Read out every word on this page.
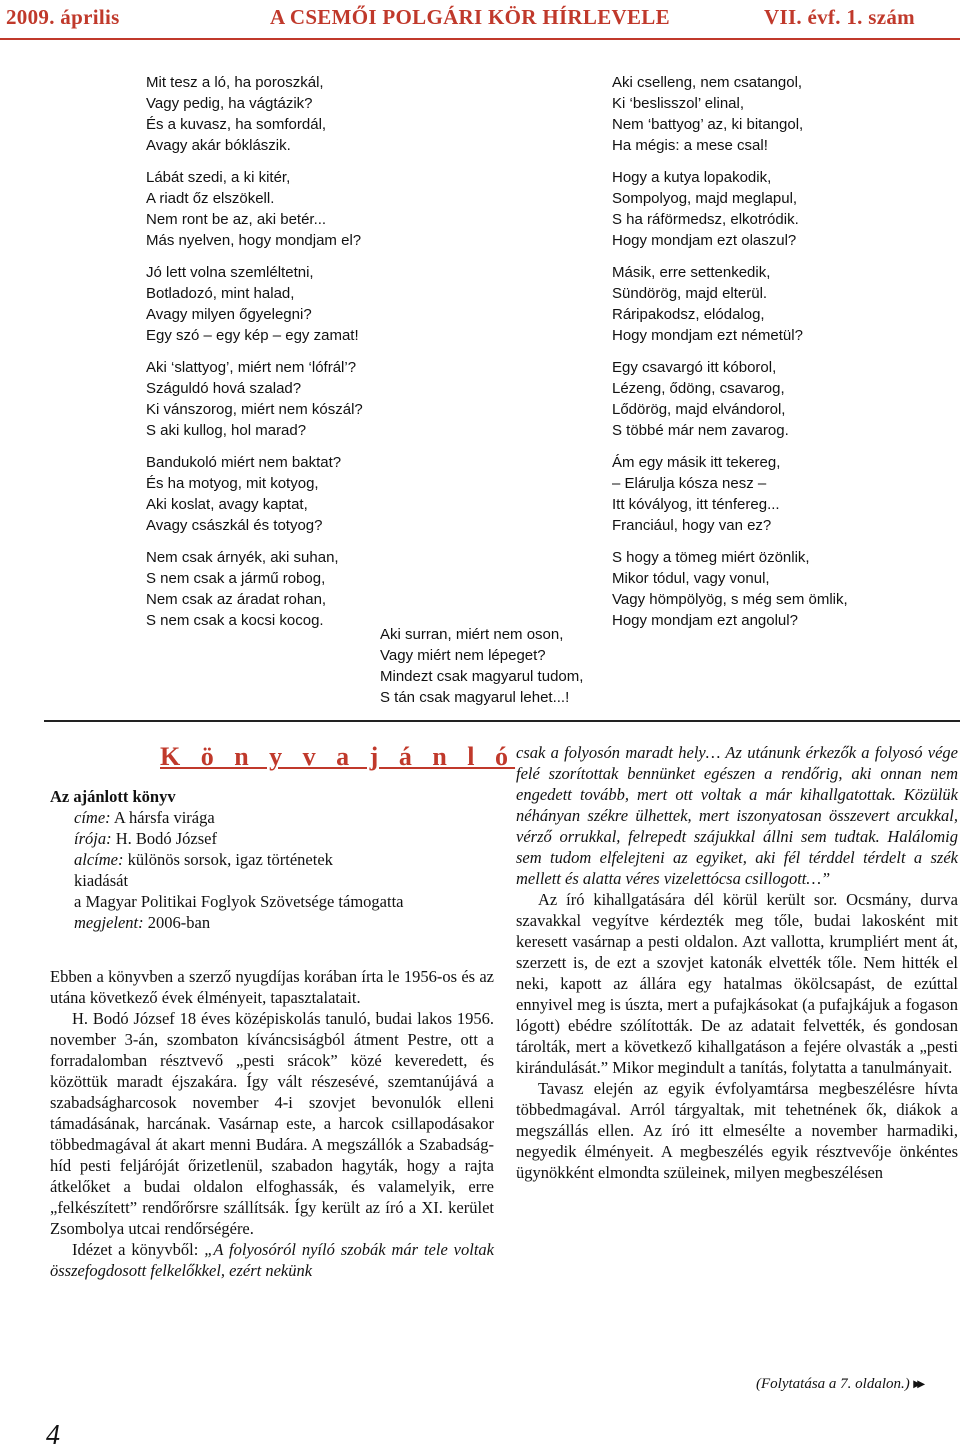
2009. április	A CSEMŐI POLGÁRI KÖR HÍRLEVELE	VII. évf. 1. szám
Mit tesz a ló, ha poroszkál,
Vagy pedig, ha vágtázik?
És a kuvasz, ha somfordál,
Avagy akár bóklászik.
Lábát szedi, a ki kitér,
A riadt őz elszökell.
Nem ront be az, aki betér...
Más nyelven, hogy mondjam el?
Jó lett volna szemléltetni,
Botladozó, mint halad,
Avagy milyen őgyelegni?
Egy szó – egy kép – egy zamat!
Aki ‘slattyog’, miért nem ‘lófrál’?
Száguldó hová szalad?
Ki vánszorog, miért nem kószál?
S aki kullog, hol marad?
Bandukoló miért nem baktat?
És ha motyog, mit kotyog,
Aki koslat, avagy kaptat,
Avagy császkál és totyog?
Nem csak árnyék, aki suhan,
S nem csak a jármű robog,
Nem csak az áradat rohan,
S nem csak a kocsi kocog.
Aki cselleng, nem csatangol,
Ki ‘beslisszol’ elinal,
Nem ‘battyog’ az, ki bitangol,
Ha mégis: a mese csal!
Hogy a kutya lopakodik,
Sompolyog, majd meglapul,
S ha ráförmedsz, elkotródik.
Hogy mondjam ezt olaszul?
Másik, erre settenkedik,
Sündörög, majd elterül.
Ráripakodsz, elódalog,
Hogy mondjam ezt németül?
Egy csavargó itt kóborol,
Lézeng, ődöng, csavarog,
Lődörög, majd elvándorol,
S többé már nem zavarog.
Ám egy másik itt tekereg,
– Elárulja kósza nesz –
Itt kóvályog, itt ténfereg...
Franciául, hogy van ez?
S hogy a tömeg miért özönlik,
Mikor tódul, vagy vonul,
Vagy hömpölyög, s még sem ömlik,
Hogy mondjam ezt angolul?
Aki surran, miért nem oson,
Vagy miért nem lépeget?
Mindezt csak magyarul tudom,
S tán csak magyarul lehet...!
K ö n y v a j á n l ó
Az ajánlott könyv
címe: A hársfa virága
írója: H. Bodó József
alcíme: különös sorsok, igaz történetek
kiadását
a Magyar Politikai Foglyok Szövetsége támogatta
megjelent: 2006-ban

Ebben a könyvben a szerző nyugdíjas korában írta le 1956-os és az utána következő évek élményeit, tapasztalatait.

H. Bodó József 18 éves középiskolás tanuló, budai lakos 1956. november 3-án, szombaton kíváncsiságból átment Pestre, ott a forradalomban résztvevő „pesti srácok” közé keveredett, és közöttük maradt éjszakára. Így vált részesévé, szemtanújává a szabadságharcosok november 4-i szovjet bevonulók elleni támadásának, harcának. Vasárnap este, a harcok csillapodásakor többedmagával át akart menni Budára. A megszállók a Szabadság-híd pesti feljáróját őrizetlenül, szabadon hagyták, hogy a rajta átkelőket a budai oldalon elfoghassák, és valamelyik, erre „felkészített” rendőrőrsre szállítsák. Így került az író a XI. kerület Zsombolya utcai rendőrségére.

Idézet a könyvből: „A folyosóról nyíló szobák már tele voltak összefogdosott felkelőkkel, ezért nekünk

csak a folyosón maradt hely… Az utánunk érkezők a folyosó vége felé szorítottak bennünket egészen a rendőrig, aki onnan nem engedett tovább, mert ott voltak a már kihallgatottak. Közülük néhányan székre ülhettek, mert iszonyatosan összevert arcukkal, vérző orrukkal, felrepedt szájukkal állni sem tudtak. Halálomig sem tudom elfelejteni az egyiket, aki fél térddel térdelt a szék mellett és alatta véres vizelettócsa csillogott…”

Az író kihallgatására dél körül került sor. Ocsmány, durva szavakkal vegyítve kérdezték meg tőle, budai lakosként mit keresett vasárnap a pesti oldalon. Azt vallotta, krumpliért ment át, szerzett is, de ezt a szovjet katonák elvették tőle. Nem hitték el neki, kapott az állára egy hatalmas ökölcsapást, de ezúttal ennyivel meg is úszta, mert a pufajkásokat (a pufajkájuk a fogason lógott) ebédre szólították. De az adatait felvették, és gondosan tárolták, mert a következő kihallgatáson a fejére olvasták a „pesti kirándulását.” Mikor megindult a tanítás, folytatta a tanulmányait.

Tavasz elején az egyik évfolyamtársa megbeszélésre hívta többedmagával. Arról tárgyaltak, mit tehetnének ők, diákok a megszállás ellen. Az író itt elmesélte a november harmadiki, negyedik élményeit. A megbeszélés egyik résztvevője önkéntes ügynökként elmondta szüleinek, milyen megbeszélésen

(Folytatása a 7. oldalon.) ▸▸
4
